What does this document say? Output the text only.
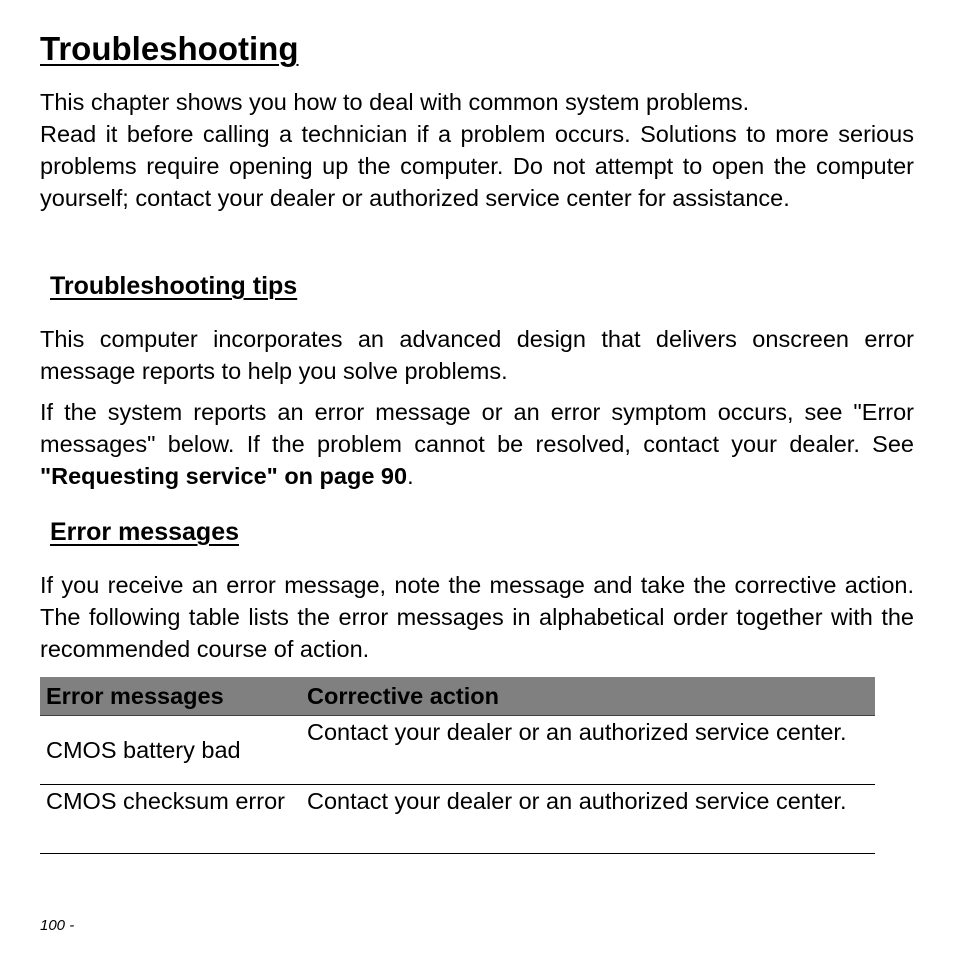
Troubleshooting

This chapter shows you how to deal with common system problems.

Read it before calling a technician if a problem occurs. Solutions to more serious problems require opening up the computer. Do not attempt to open the computer yourself; contact your dealer or authorized service center for assistance.

Troubleshooting tips

This computer incorporates an advanced design that delivers onscreen error message reports to help you solve problems.

If the system reports an error message or an error symptom occurs, see "Error messages" below. If the problem cannot be resolved, contact your dealer. See "Requesting service" on page 90.

Error messages

If you receive an error message, note the message and take the corrective action. The following table lists the error messages in alphabetical order together with the recommended course of action.

Error messages	Corrective action
CMOS battery bad
Contact your dealer or an authorized service center.
CMOS checksum error Contact your dealer or an authorized service center.
100 -
